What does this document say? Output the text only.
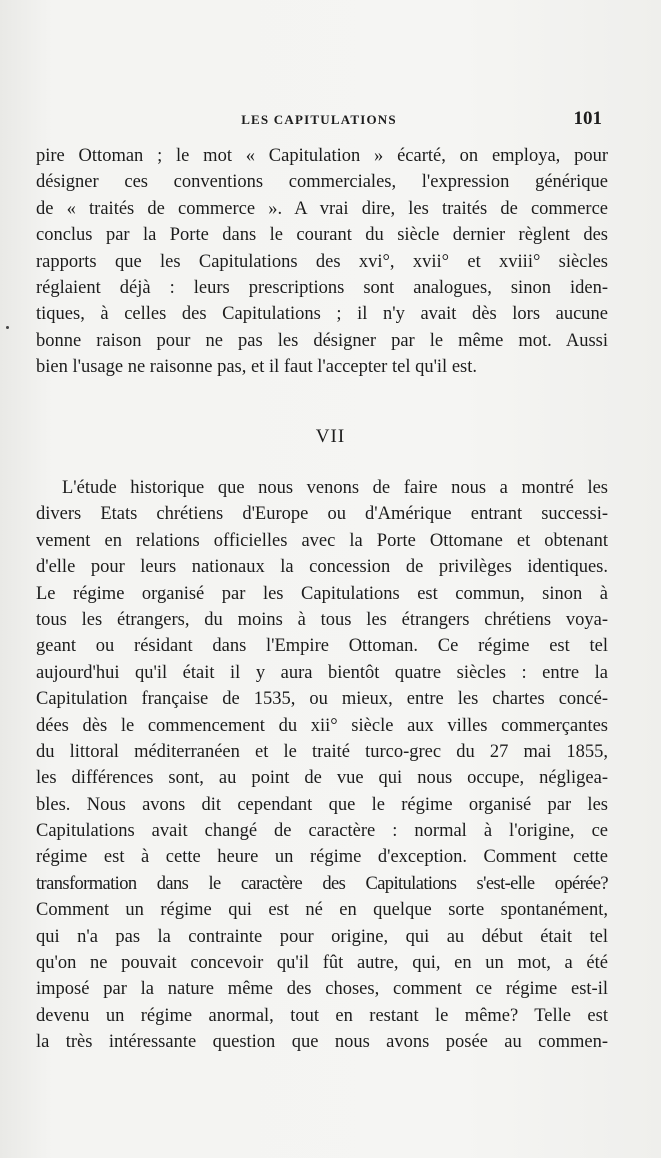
LES CAPITULATIONS	101
pire Ottoman ; le mot « Capitulation » écarté, on employa, pour
désigner ces conventions commerciales, l'expression générique
de « traités de commerce ». A vrai dire, les traités de commerce
conclus par la Porte dans le courant du siècle dernier règlent des
rapports que les Capitulations des xvi°, xvii° et xviii° siècles
réglaient déjà : leurs prescriptions sont analogues, sinon iden-
tiques, à celles des Capitulations ; il n'y avait dès lors aucune
bonne raison pour ne pas les désigner par le même mot. Aussi
bien l'usage ne raisonne pas, et il faut l'accepter tel qu'il est.
VII
L'étude historique que nous venons de faire nous a montré les
divers Etats chrétiens d'Europe ou d'Amérique entrant successi-
vement en relations officielles avec la Porte Ottomane et obtenant
d'elle pour leurs nationaux la concession de privilèges identiques.
Le régime organisé par les Capitulations est commun, sinon à
tous les étrangers, du moins à tous les étrangers chrétiens voya-
geant ou résidant dans l'Empire Ottoman. Ce régime est tel
aujourd'hui qu'il était il y aura bientôt quatre siècles : entre la
Capitulation française de 1535, ou mieux, entre les chartes concé-
dées dès le commencement du xii° siècle aux villes commerçantes
du littoral méditerranéen et le traité turco-grec du 27 mai 1855,
les différences sont, au point de vue qui nous occupe, négligea-
bles. Nous avons dit cependant que le régime organisé par les
Capitulations avait changé de caractère : normal à l'origine, ce
régime est à cette heure un régime d'exception. Comment cette
transformation dans le caractère des Capitulations s'est-elle opérée?
Comment un régime qui est né en quelque sorte spontanément,
qui n'a pas la contrainte pour origine, qui au début était tel
qu'on ne pouvait concevoir qu'il fût autre, qui, en un mot, a été
imposé par la nature même des choses, comment ce régime est-il
devenu un régime anormal, tout en restant le même? Telle est
la très intéressante question que nous avons posée au commen-
